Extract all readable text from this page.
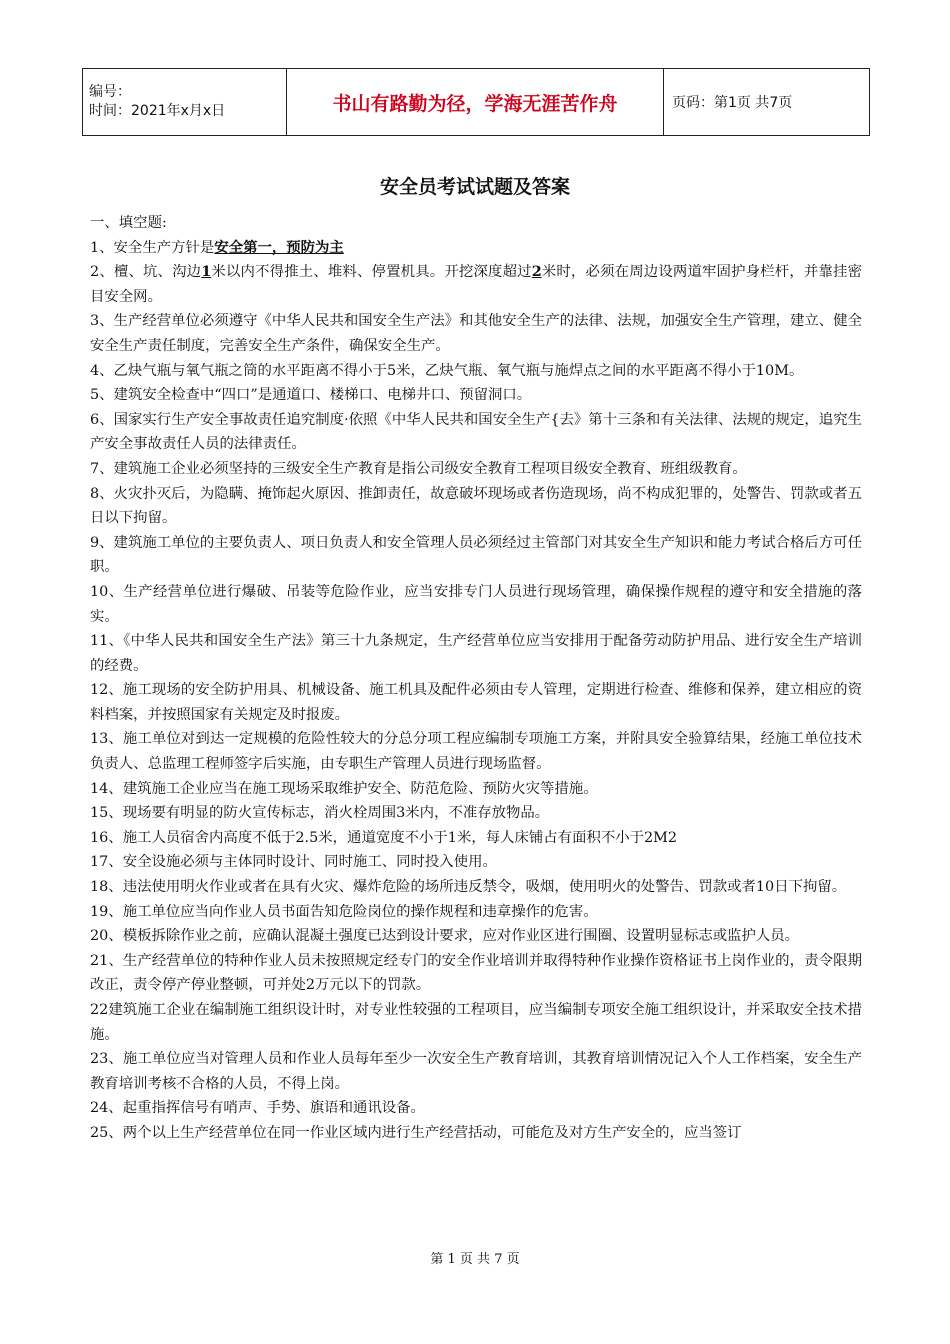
编号：
时间：2021年x月x日	书山有路勤为径，学海无涯苦作舟	页码：第1页 共7页
安全员考试试题及答案

一、填空题:

1、安全生产方针是安全第一，预防为主

2、檀、坑、沟边1米以内不得推土、堆料、停置机具。开挖深度超过2米时，必须在周边设两道牢固护身栏杆，并靠挂密目安全网。

3、生产经营单位必须遵守《中华人民共和国安全生产法》和其他安全生产的法律、法规，加强安全生产管理，建立、健全安全生产责任制度，完善安全生产条件，确保安全生产。

4、乙炔气瓶与氧气瓶之筒的水平距离不得小于5米，乙炔气瓶、氧气瓶与施焊点之间的水平距离不得小于10M。

5、建筑安全检查中“四口”是通道口、楼梯口、电梯井口、预留洞口。

6、国家实行生产安全事故责任追究制度·依照《中华人民共和国安全生产{去》第十三条和有关法律、法规的规定，追究生产安全事故责任人员的法律责任。

7、建筑施工企业必须坚持的三级安全生产教育是指公司级安全教育工程项目级安全教育、班组级教育。

8、火灾扑灭后，为隐瞒、掩饰起火原因、推卸责任，故意破坏现场或者伤造现场，尚不构成犯罪的，处警告、罚款或者五日以下拘留。

9、建筑施工单位的主要负责人、项日负责人和安全管理人员必须经过主管部门对其安全生产知识和能力考试合格后方可任职。

10、生产经营单位进行爆破、吊装等危险作业，应当安排专门人员进行现场管理，确保操作规程的遵守和安全措施的落实。

11、《中华人民共和国安全生产法》第三十九条规定，生产经营单位应当安排用于配备劳动防护用品、进行安全生产培训的经费。

12、施工现场的安全防护用具、机械设备、施工机具及配件必须由专人管理，定期进行检查、维修和保养，建立相应的资料档案，并按照国家有关规定及时报废。

13、施工单位对到达一定规模的危险性较大的分总分项工程应编制专项施工方案，并附具安全验算结果，经施工单位技术负责人、总监理工程师签字后实施，由专职生产管理人员进行现场监督。

14、建筑施工企业应当在施工现场采取维护安全、防范危险、预防火灾等措施。

15、现场要有明显的防火宣传标志，消火栓周围3米内，不准存放物品。

16、施工人员宿舍内高度不低于2.5米，通道宽度不小于1米，每人床铺占有面积不小于2M2

17、安全设施必须与主体同时设计、同时施工、同时投入使用。

18、违法使用明火作业或者在具有火灾、爆炸危险的场所违反禁令，吸烟，使用明火的处警告、罚款或者10日下拘留。

19、施工单位应当向作业人员书面告知危险岗位的操作规程和违章操作的危害。

20、模板拆除作业之前，应确认混凝土强度已达到设计要求，应对作业区进行围圈、设置明显标志或监护人员。

21、生产经营单位的特种作业人员未按照规定经专门的安全作业培训并取得特种作业操作资格证书上岗作业的，责令限期改正，责令停产停业整顿，可并处2万元以下的罚款。

22建筑施工企业在编制施工组织设计时，对专业性较强的工程项目，应当编制专项安全施工组织设计，并采取安全技术措施。

23、施工单位应当对管理人员和作业人员每年至少一次安全生产教育培训，其教育培训情况记入个人工作档案，安全生产教育培训考核不合格的人员，不得上岗。

24、起重指挥信号有哨声、手势、旗语和通讯设备。

25、两个以上生产经营单位在同一作业区域内进行生产经营括动，可能危及对方生产安全的，应当签订

第 1 页 共 7 页
